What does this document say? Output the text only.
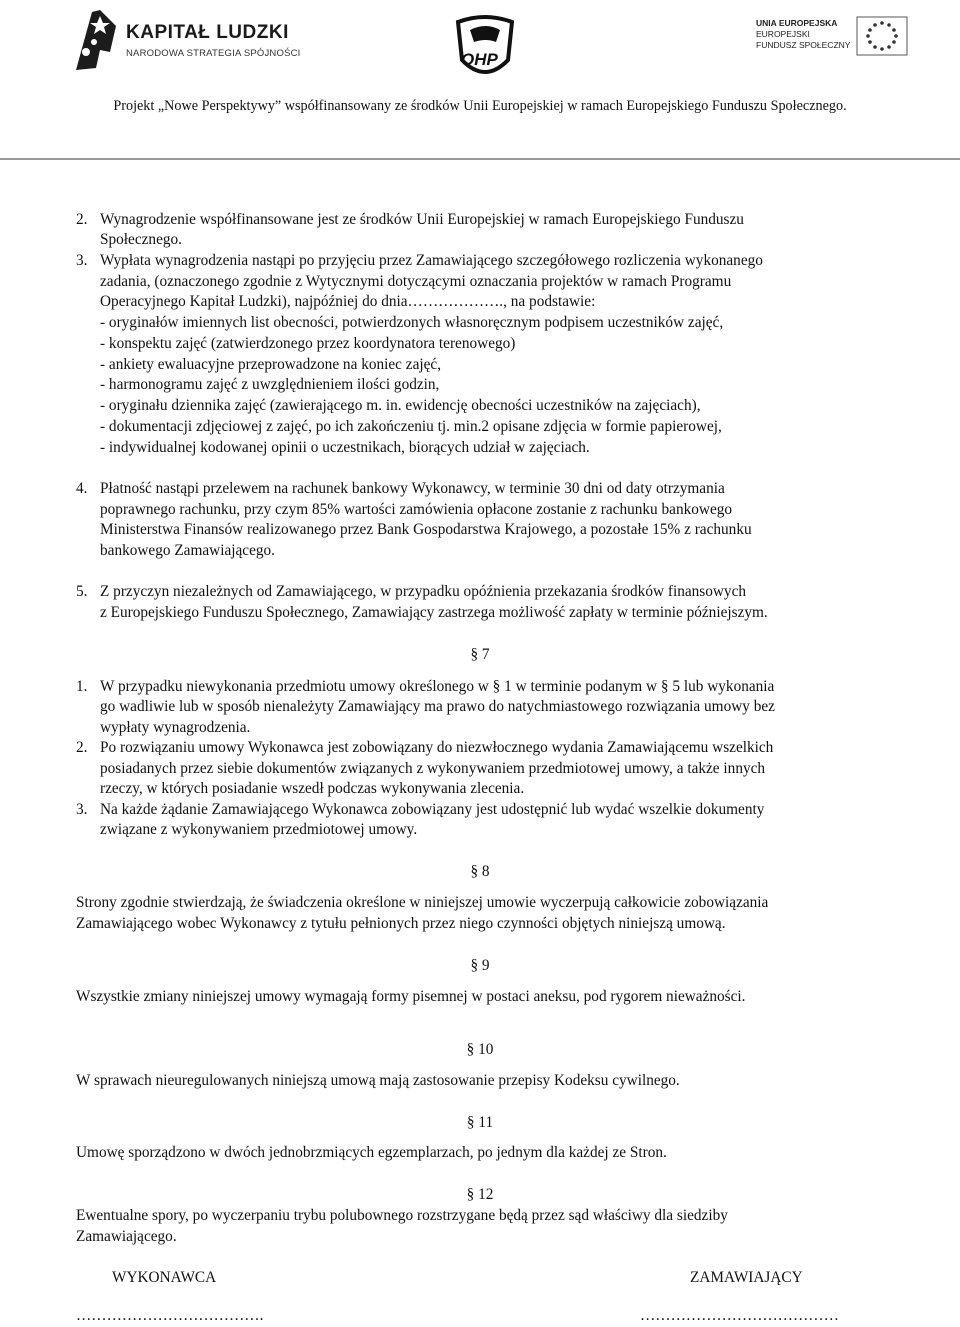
KAPITAŁ LUDZKI
NARODOWA STRATEGIA SPÓJNOŚCI	OHP
UNIA EUROPEJSKA
EUROPEJSKI
FUNDUSZ SPOŁECZNY
Projekt „Nowe Perspektywy” współfinansowany ze środków Unii Europejskiej w ramach Europejskiego Funduszu Społecznego.
2. Wynagrodzenie współfinansowane jest ze środków Unii Europejskiej w ramach Europejskiego Funduszu
Społecznego.
3. Wypłata wynagrodzenia nastąpi po przyjęciu przez Zamawiającego szczegółowego rozliczenia wykonanego
zadania, (oznaczonego zgodnie z Wytycznymi dotyczącymi oznaczania projektów w ramach Programu
Operacyjnego Kapitał Ludzki), najpóźniej do dnia………………., na podstawie:
- oryginałów imiennych list obecności, potwierdzonych własnoręcznym podpisem uczestników zajęć,
- konspektu zajęć (zatwierdzonego przez koordynatora terenowego)
- ankiety ewaluacyjne przeprowadzone na koniec zajęć,
- harmonogramu zajęć z uwzględnieniem ilości godzin,
- oryginału dziennika zajęć (zawierającego m. in. ewidencję obecności uczestników na zajęciach),
- dokumentacji zdjęciowej z zajęć, po ich zakończeniu tj. min.2 opisane zdjęcia w formie papierowej,
- indywidualnej kodowanej opinii o uczestnikach, biorących udział w zajęciach.
4. Płatność nastąpi przelewem na rachunek bankowy Wykonawcy, w terminie 30 dni od daty otrzymania
poprawnego rachunku, przy czym 85% wartości zamówienia opłacone zostanie z rachunku bankowego
Ministerstwa Finansów realizowanego przez Bank Gospodarstwa Krajowego, a pozostałe 15% z rachunku
bankowego Zamawiającego.
5. Z przyczyn niezależnych od Zamawiającego, w przypadku opóźnienia przekazania środków finansowych
z Europejskiego Funduszu Społecznego, Zamawiający zastrzega możliwość zapłaty w terminie późniejszym.
§ 7
1. W przypadku niewykonania przedmiotu umowy określonego w § 1 w terminie podanym w § 5 lub wykonania
go wadliwie lub w sposób nienależyty Zamawiający ma prawo do natychmiastowego rozwiązania umowy bez
wypłaty wynagrodzenia.
2. Po rozwiązaniu umowy Wykonawca jest zobowiązany do niezwłocznego wydania Zamawiającemu wszelkich
posiadanych przez siebie dokumentów związanych z wykonywaniem przedmiotowej umowy, a także innych
rzeczy, w których posiadanie wszedł podczas wykonywania zlecenia.
3. Na każde żądanie Zamawiającego Wykonawca zobowiązany jest udostępnić lub wydać wszelkie dokumenty
związane z wykonywaniem przedmiotowej umowy.
§ 8
Strony zgodnie stwierdzają, że świadczenia określone w niniejszej umowie wyczerpują całkowicie zobowiązania
Zamawiającego wobec Wykonawcy z tytułu pełnionych przez niego czynności objętych niniejszą umową.
§ 9
Wszystkie zmiany niniejszej umowy wymagają formy pisemnej w postaci aneksu, pod rygorem nieważności.
§ 10
W sprawach nieuregulowanych niniejszą umową mają zastosowanie przepisy Kodeksu cywilnego.
§ 11
Umowę sporządzono w dwóch jednobrzmiących egzemplarzach, po jednym dla każdej ze Stron.
§ 12
Ewentualne spory, po wyczerpaniu trybu polubownego rozstrzygane będą przez sąd właściwy dla siedziby
Zamawiającego.
WYKONAWCA	ZAMAWIAJĄCY
……………………………….	…………………………………
